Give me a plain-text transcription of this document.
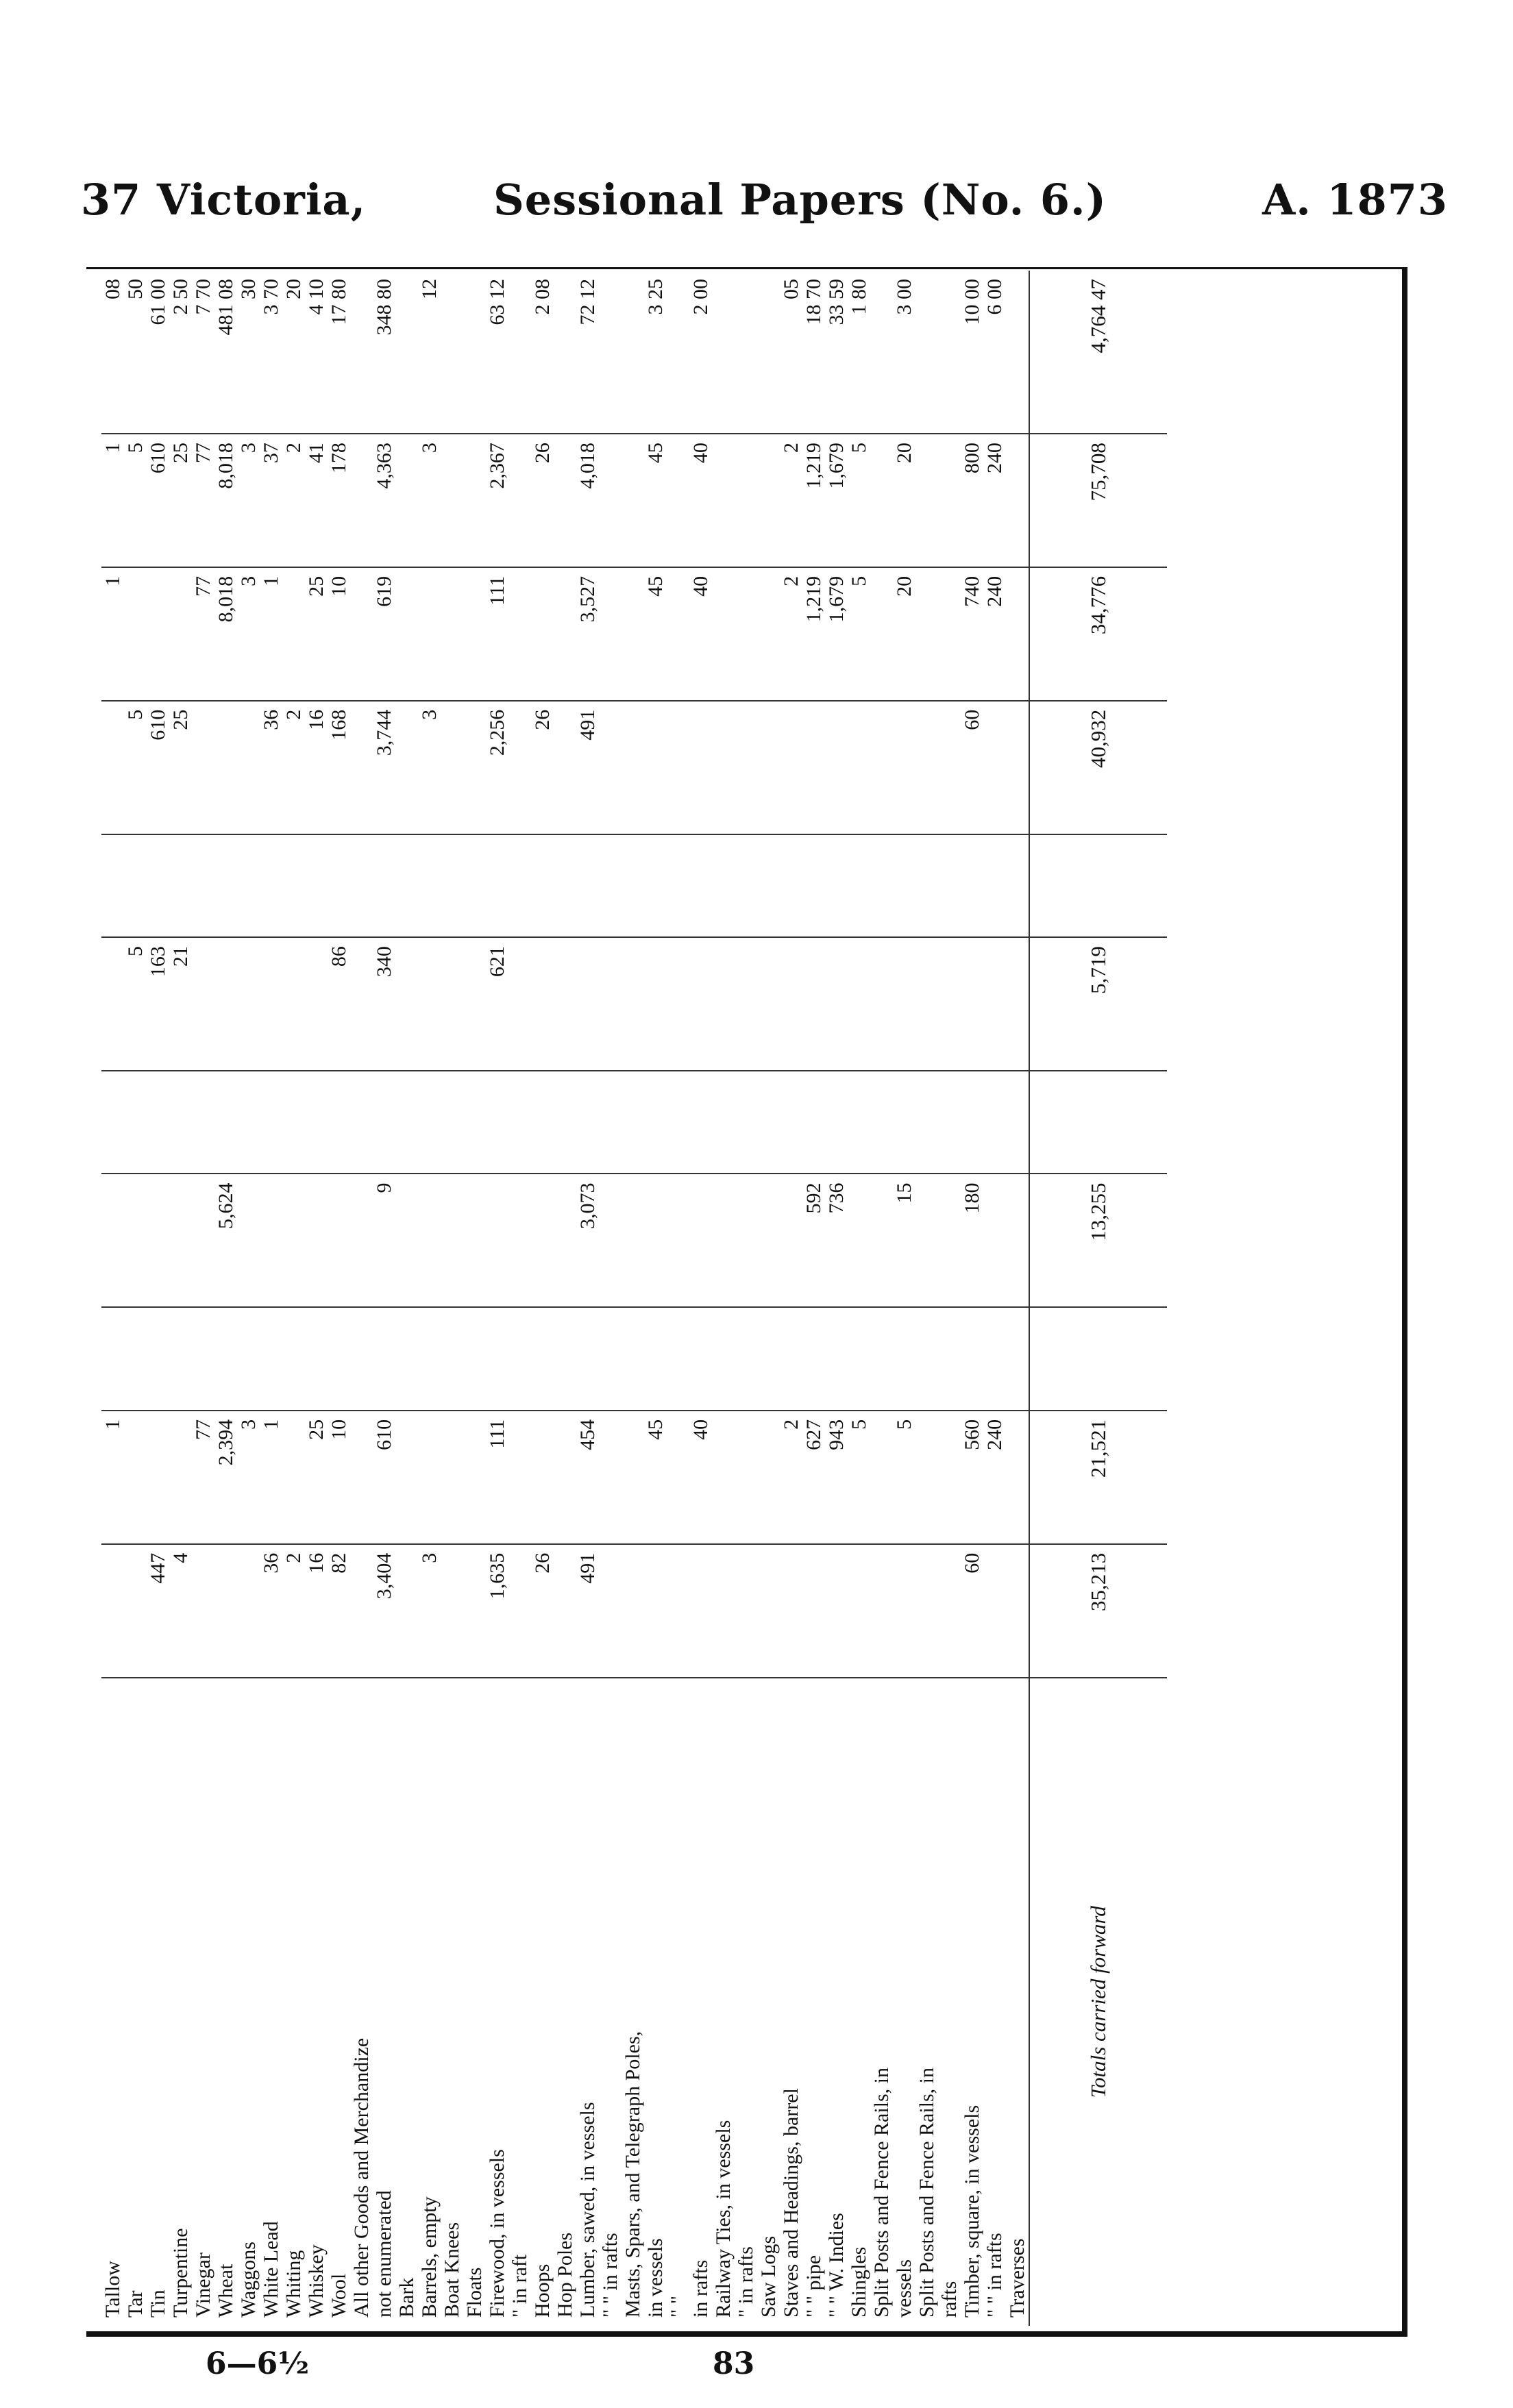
37 Victoria,	Sessional Papers (No. 6.)	A. 1873

Tallow		1							1	1	08
Tar						5		5		5	50
Tin	447					163		610		610	61 00
Turpentine	4					21		25		25	2 50
Vinegar		77							77	77	7 70
Wheat		2,394		5,624					8,018	8,018	481 08
Waggons		3							3	3	30
White Lead	36	1						36	1	37	3 70
Whiting	2							2		2	20
Whiskey	16	25						16	25	41	4 10
Wool	82	10				86		168	10	178	17 80
All other Goods and Merchandize											
not enumerated	3,404	610		9		340		3,744	619	4,363	348 80
Bark											
Barrels, empty	3							3		3	12
Boat Knees											
Floats											
Firewood, in vessels	1,635	111				621		2,256	111	2,367	63 12
" in raft											
Hoops	26							26		26	2 08
Hop Poles											
Lumber, sawed, in vessels	491	454		3,073				491	3,527	4,018	72 12
" " in rafts											
Masts, Spars, and Telegraph Poles,											
in vessels		45							45	45	3 25
" "											
in rafts		40							40	40	2 00
Railway Ties, in vessels											
" in rafts											
Saw Logs											
Staves and Headings, barrel		2							2	2	05
" " pipe		627		592					1,219	1,219	18 70
" " W. Indies		943		736					1,679	1,679	33 59
Shingles		5							5	5	1 80
Split Posts and Fence Rails, in											
vessels		5		15					20	20	3 00
Split Posts and Fence Rails, in											
rafts											
Timber, square, in vessels	60	560		180				60	740	800	10 00
" " in rafts		240							240	240	6 00
Traverses											
Totals carried forward	35,213	21,521		13,255		5,719		40,932	34,776	75,708	4,764 47
6—6½	83
